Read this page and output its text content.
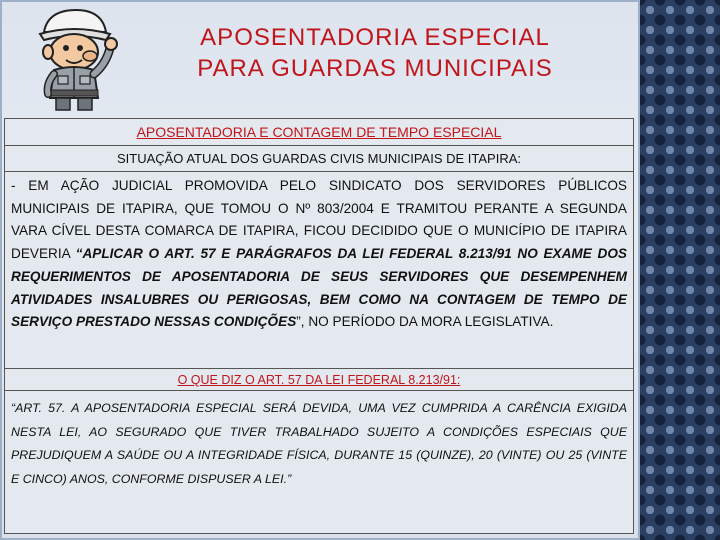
APOSENTADORIA ESPECIAL
PARA GUARDAS MUNICIPAIS
APOSENTADORIA E CONTAGEM DE TEMPO ESPECIAL
SITUAÇÃO ATUAL DOS GUARDAS CIVIS MUNICIPAIS DE ITAPIRA:
- EM AÇÃO JUDICIAL PROMOVIDA PELO SINDICATO DOS SERVIDORES PÚBLICOS MUNICIPAIS DE ITAPIRA, QUE TOMOU O Nº 803/2004 E TRAMITOU PERANTE A SEGUNDA VARA CÍVEL DESTA COMARCA DE ITAPIRA, FICOU DECIDIDO QUE O MUNICÍPIO DE ITAPIRA DEVERIA “APLICAR O ART. 57 E PARÁGRAFOS DA LEI FEDERAL 8.213/91 NO EXAME DOS REQUERIMENTOS DE APOSENTADORIA DE SEUS SERVIDORES QUE DESEMPENHEM ATIVIDADES INSALUBRES OU PERIGOSAS, BEM COMO NA CONTAGEM DE TEMPO DE SERVIÇO PRESTADO NESSAS CONDIÇÕES”, NO PERÍODO DA MORA LEGISLATIVA.
O QUE DIZ O ART. 57 DA LEI FEDERAL 8.213/91:
“ART. 57. A APOSENTADORIA ESPECIAL SERÁ DEVIDA, UMA VEZ CUMPRIDA A CARÊNCIA EXIGIDA NESTA LEI, AO SEGURADO QUE TIVER TRABALHADO SUJEITO A CONDIÇÕES ESPECIAIS QUE PREJUDIQUEM A SAÚDE OU A INTEGRIDADE FÍSICA, DURANTE 15 (QUINZE), 20 (VINTE) OU 25 (VINTE E CINCO) ANOS, CONFORME DISPUSER A LEI.”
